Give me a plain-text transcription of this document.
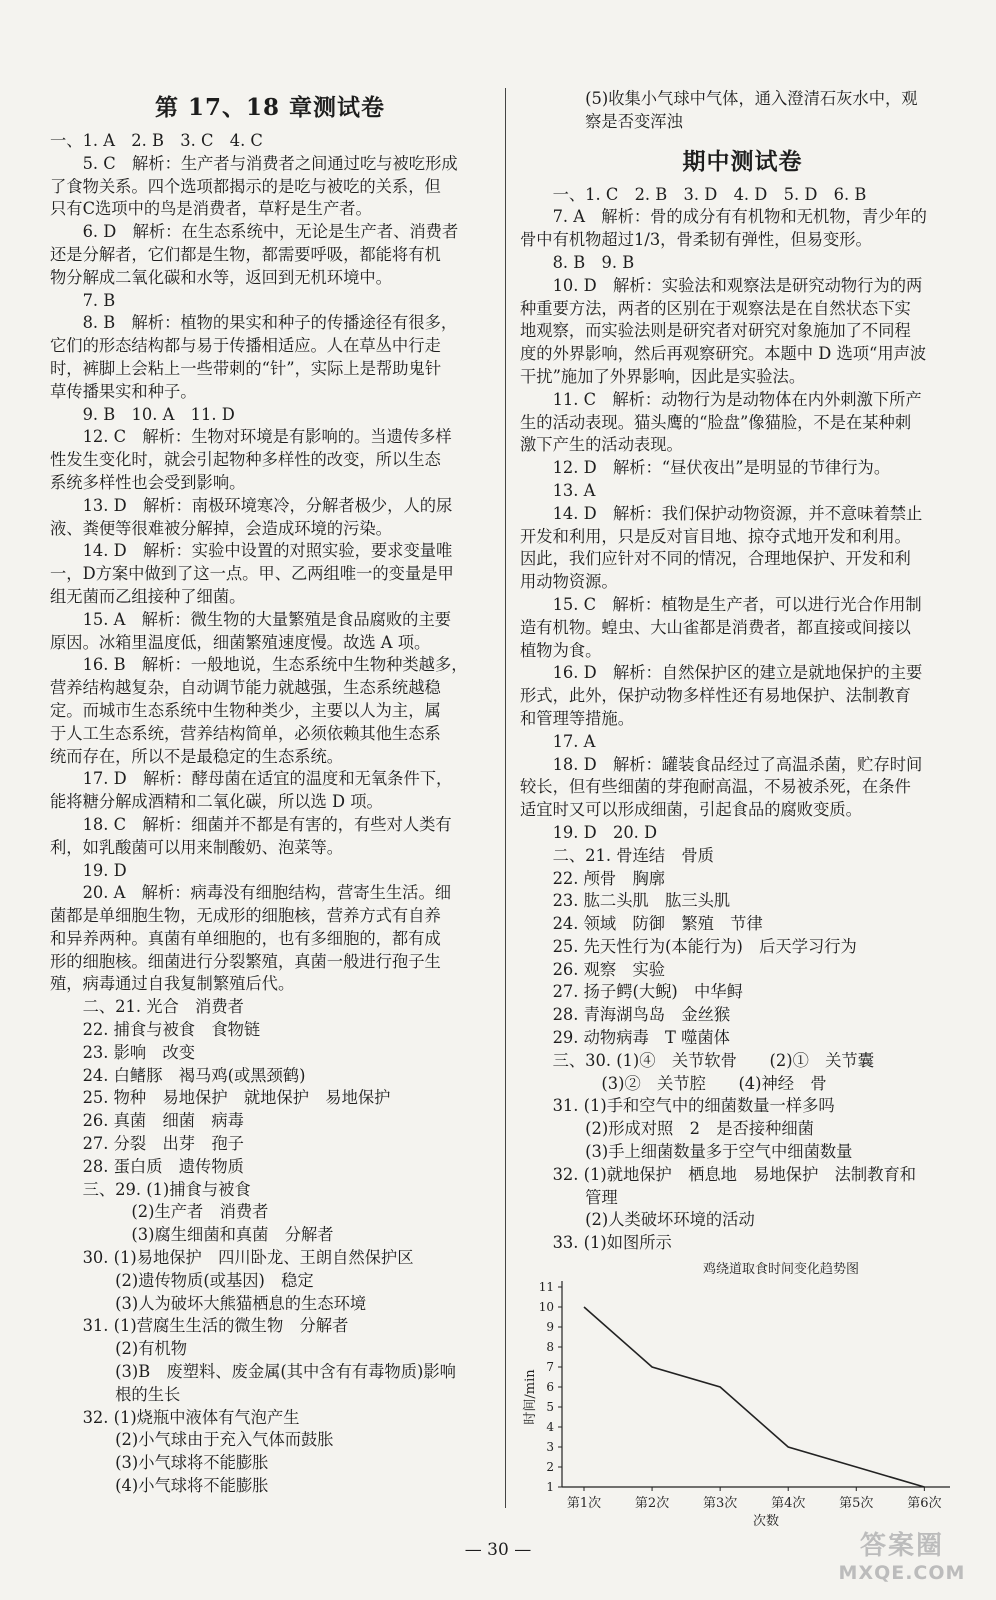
第 17、18 章测试卷
一、1. A　2. B　3. C　4. C
　　5. C　解析：生产者与消费者之间通过吃与被吃形成
了食物关系。四个选项都揭示的是吃与被吃的关系，但
只有C选项中的鸟是消费者，草籽是生产者。
　　6. D　解析：在生态系统中，无论是生产者、消费者
还是分解者，它们都是生物，都需要呼吸，都能将有机
物分解成二氧化碳和水等，返回到无机环境中。
　　7. B
　　8. B　解析：植物的果实和种子的传播途径有很多，
它们的形态结构都与易于传播相适应。人在草丛中行走
时，裤脚上会粘上一些带刺的“针”，实际上是帮助鬼针
草传播果实和种子。
　　9. B　10. A　11. D
　　12. C　解析：生物对环境是有影响的。当遗传多样
性发生变化时，就会引起物种多样性的改变，所以生态
系统多样性也会受到影响。
　　13. D　解析：南极环境寒冷，分解者极少，人的尿
液、粪便等很难被分解掉，会造成环境的污染。
　　14. D　解析：实验中设置的对照实验，要求变量唯
一，D方案中做到了这一点。甲、乙两组唯一的变量是甲
组无菌而乙组接种了细菌。
　　15. A　解析：微生物的大量繁殖是食品腐败的主要
原因。冰箱里温度低，细菌繁殖速度慢。故选 A 项。
　　16. B　解析：一般地说，生态系统中生物种类越多，
营养结构越复杂，自动调节能力就越强，生态系统越稳
定。而城市生态系统中生物种类少，主要以人为主，属
于人工生态系统，营养结构简单，必须依赖其他生态系
统而存在，所以不是最稳定的生态系统。
　　17. D　解析：酵母菌在适宜的温度和无氧条件下，
能将糖分解成酒精和二氧化碳，所以选 D 项。
　　18. C　解析：细菌并不都是有害的，有些对人类有
利，如乳酸菌可以用来制酸奶、泡菜等。
　　19. D
　　20. A　解析：病毒没有细胞结构，营寄生生活。细
菌都是单细胞生物，无成形的细胞核，营养方式有自养
和异养两种。真菌有单细胞的，也有多细胞的，都有成
形的细胞核。细菌进行分裂繁殖，真菌一般进行孢子生
殖，病毒通过自我复制繁殖后代。
　　二、21. 光合　消费者
　　22. 捕食与被食　食物链
　　23. 影响　改变
　　24. 白鳍豚　褐马鸡(或黑颈鹤)
　　25. 物种　易地保护　就地保护　易地保护
　　26. 真菌　细菌　病毒
　　27. 分裂　出芽　孢子
　　28. 蛋白质　遗传物质
　　三、29. (1)捕食与被食
　　　　　(2)生产者　消费者
　　　　　(3)腐生细菌和真菌　分解者
　　30. (1)易地保护　四川卧龙、王朗自然保护区
　　　　(2)遗传物质(或基因)　稳定
　　　　(3)人为破坏大熊猫栖息的生态环境
　　31. (1)营腐生生活的微生物　分解者
　　　　(2)有机物
　　　　(3)B　废塑料、废金属(其中含有有毒物质)影响
　　　　根的生长
　　32. (1)烧瓶中液体有气泡产生
　　　　(2)小气球由于充入气体而鼓胀
　　　　(3)小气球将不能膨胀
　　　　(4)小气球将不能膨胀
　　　　(5)收集小气球中气体，通入澄清石灰水中，观
　　　　察是否变浑浊
期中测试卷
　　一、1. C　2. B　3. D　4. D　5. D　6. B
　　7. A　解析：骨的成分有有机物和无机物，青少年的
骨中有机物超过1/3，骨柔韧有弹性，但易变形。
　　8. B　9. B
　　10. D　解析：实验法和观察法是研究动物行为的两
种重要方法，两者的区别在于观察法是在自然状态下实
地观察，而实验法则是研究者对研究对象施加了不同程
度的外界影响，然后再观察研究。本题中 D 选项“用声波
干扰”施加了外界影响，因此是实验法。
　　11. C　解析：动物行为是动物体在内外刺激下所产
生的活动表现。猫头鹰的“脸盘”像猫脸，不是在某种刺
激下产生的活动表现。
　　12. D　解析：“昼伏夜出”是明显的节律行为。
　　13. A
　　14. D　解析：我们保护动物资源，并不意味着禁止
开发和利用，只是反对盲目地、掠夺式地开发和利用。
因此，我们应针对不同的情况，合理地保护、开发和利
用动物资源。
　　15. C　解析：植物是生产者，可以进行光合作用制
造有机物。蝗虫、大山雀都是消费者，都直接或间接以
植物为食。
　　16. D　解析：自然保护区的建立是就地保护的主要
形式，此外，保护动物多样性还有易地保护、法制教育
和管理等措施。
　　17. A
　　18. D　解析：罐装食品经过了高温杀菌，贮存时间
较长，但有些细菌的芽孢耐高温，不易被杀死，在条件
适宜时又可以形成细菌，引起食品的腐败变质。
　　19. D　20. D
　　二、21. 骨连结　骨质
　　22. 颅骨　胸廓
　　23. 肱二头肌　肱三头肌
　　24. 领域　防御　繁殖　节律
　　25. 先天性行为(本能行为)　后天学习行为
　　26. 观察　实验
　　27. 扬子鳄(大鲵)　中华鲟
　　28. 青海湖鸟岛　金丝猴
　　29. 动物病毒　T 噬菌体
　　三、30. (1)④　关节软骨　　(2)①　关节囊
　　　　　(3)②　关节腔　　(4)神经　骨
　　31. (1)手和空气中的细菌数量一样多吗
　　　　(2)形成对照　2　是否接种细菌
　　　　(3)手上细菌数量多于空气中细菌数量
　　32. (1)就地保护　栖息地　易地保护　法制教育和
　　　　管理
　　　　(2)人类破坏环境的活动
　　33. (1)如图所示
1
2
3
4
5
6
7
8
9
10
11
第1次	第2次	第3次	第4次	第5次	第6次
鸡绕道取食时间变化趋势图
次数
时间/min
— 30 —	答案圈
MXQE.COM
